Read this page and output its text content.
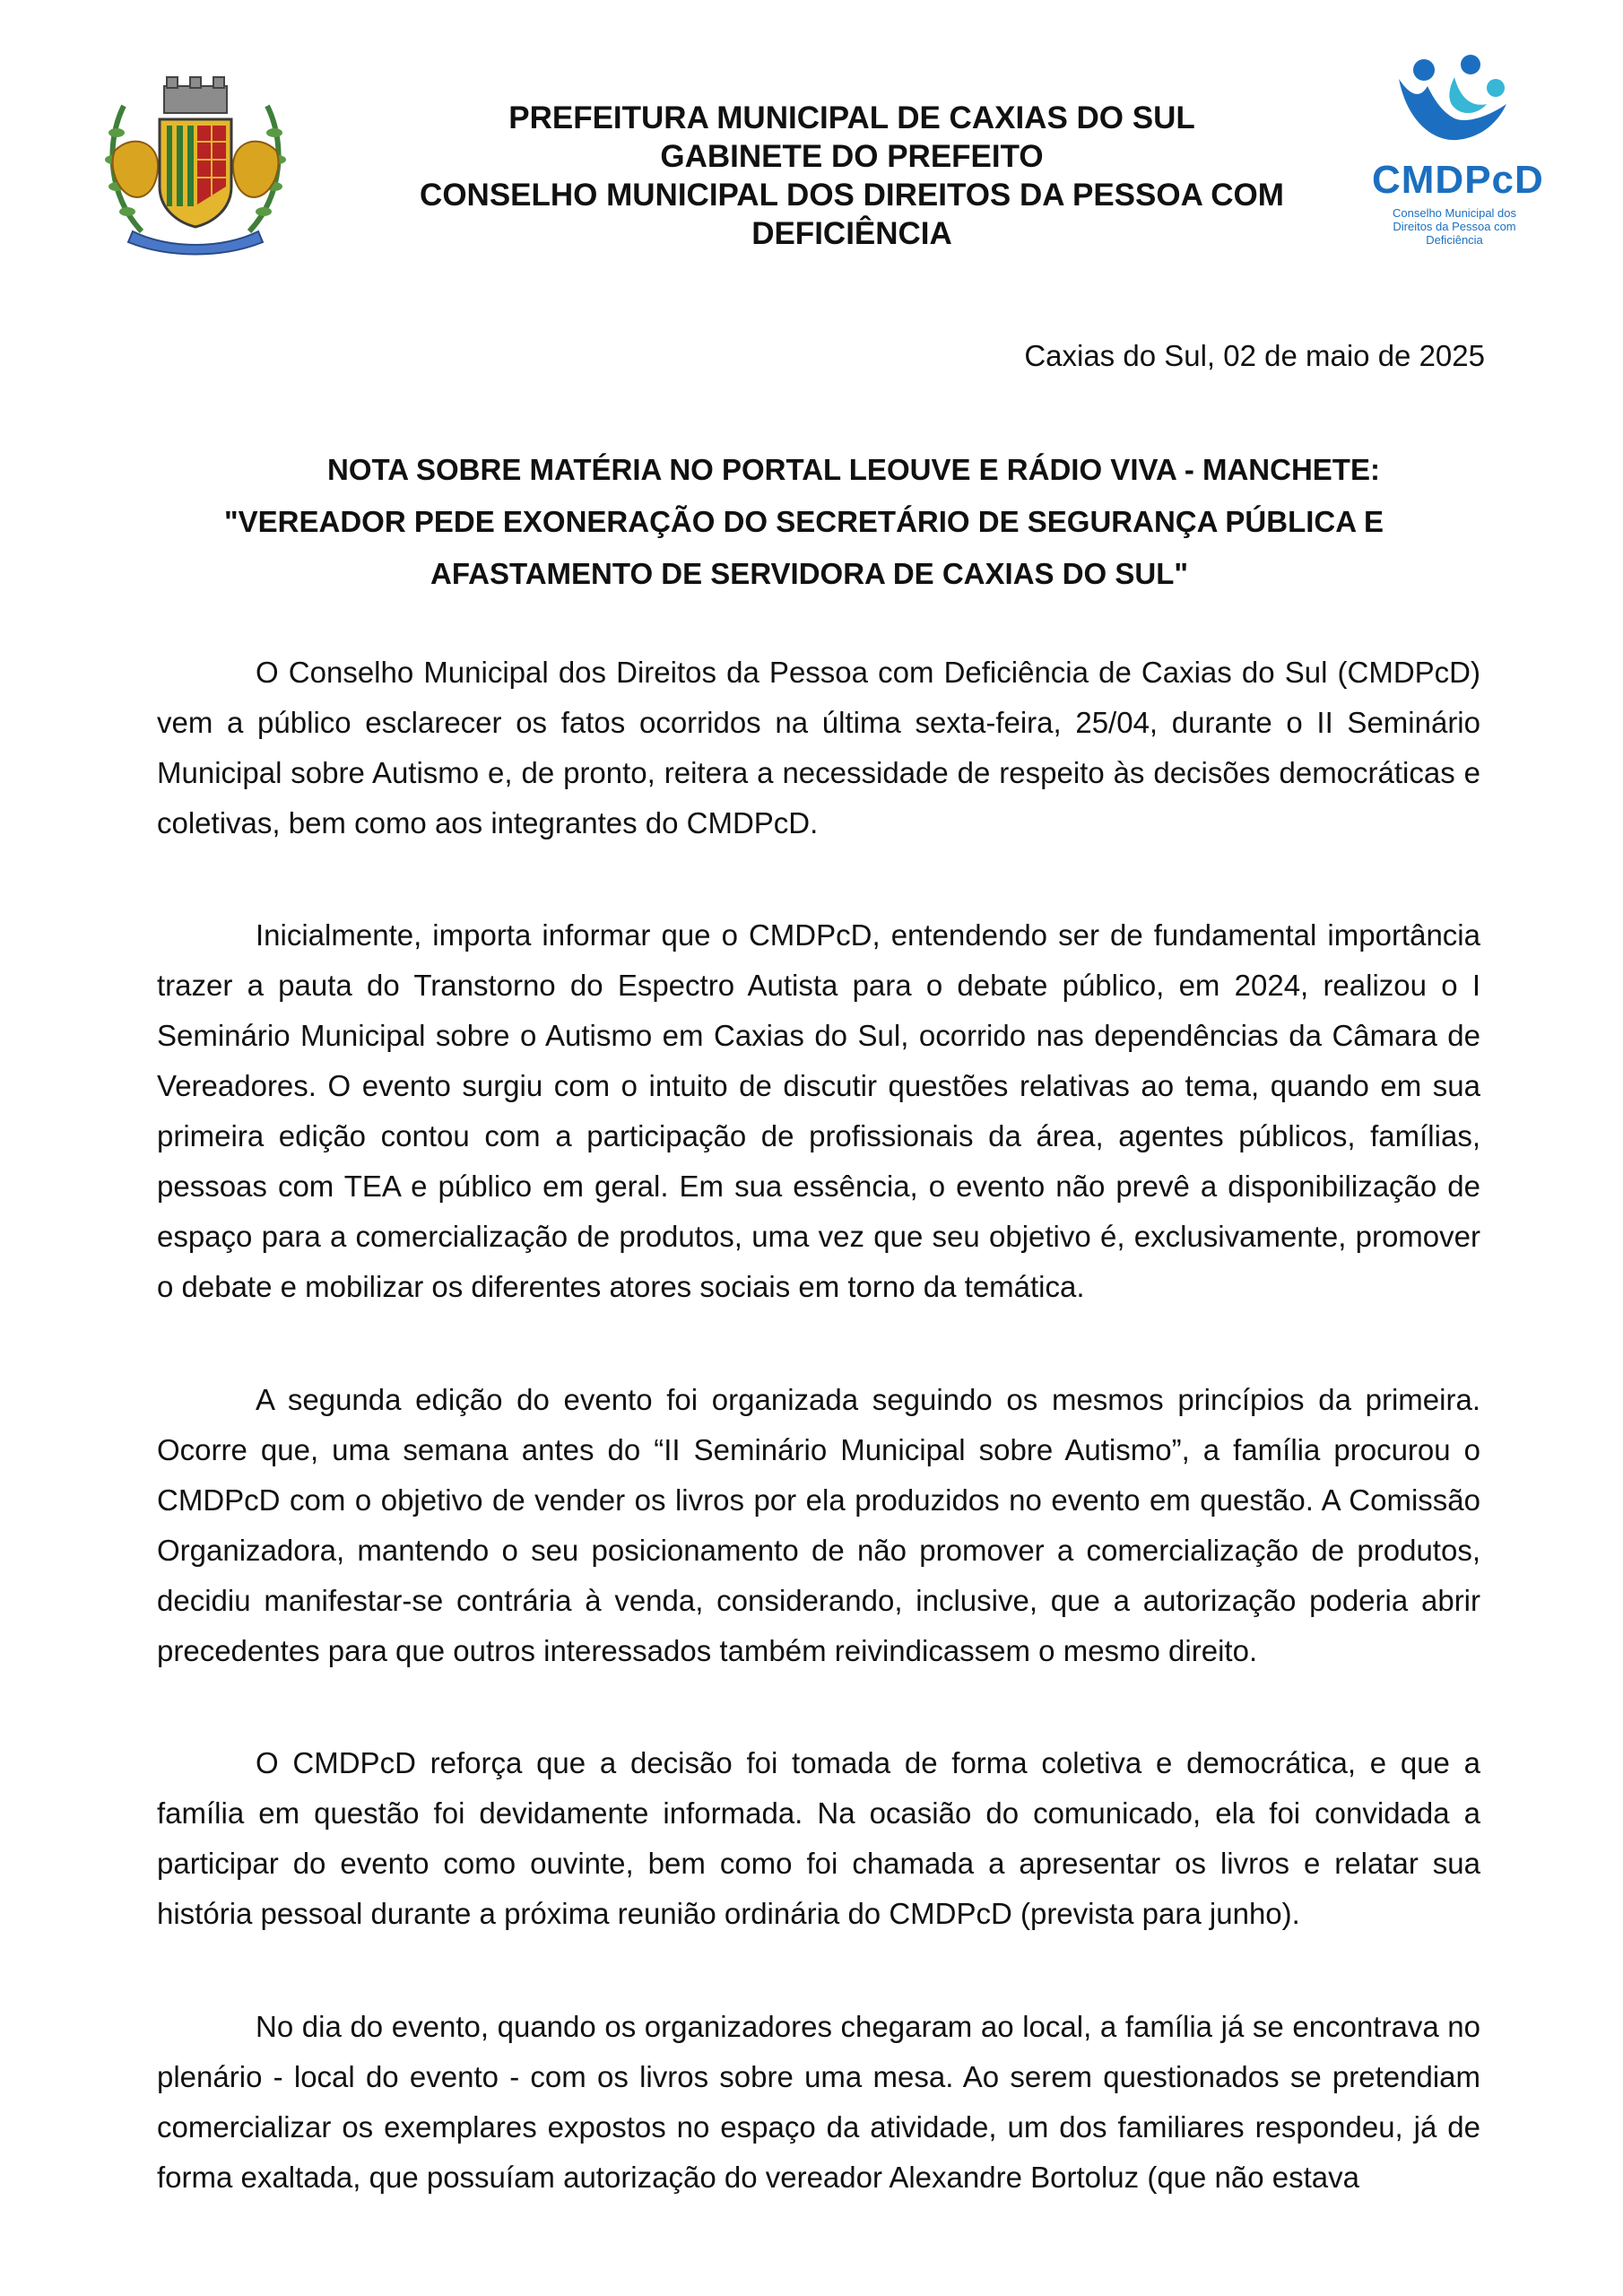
PREFEITURA MUNICIPAL DE CAXIAS DO SUL
GABINETE DO PREFEITO
CONSELHO MUNICIPAL DOS DIREITOS DA PESSOA COM
DEFICIÊNCIA
CMDPcD
Conselho Municipal dos Direitos da Pessoa com Deficiência
Caxias do Sul, 02 de maio de 2025
NOTA SOBRE MATÉRIA NO PORTAL LEOUVE E RÁDIO VIVA - MANCHETE:
"VEREADOR PEDE EXONERAÇÃO DO SECRETÁRIO DE SEGURANÇA PÚBLICA E
AFASTAMENTO DE SERVIDORA DE CAXIAS DO SUL"

O Conselho Municipal dos Direitos da Pessoa com Deficiência de Caxias do Sul (CMDPcD) vem a público esclarecer os fatos ocorridos na última sexta-feira, 25/04, durante o II Seminário Municipal sobre Autismo e, de pronto, reitera a necessidade de respeito às decisões democráticas e coletivas, bem como aos integrantes do CMDPcD.

Inicialmente, importa informar que o CMDPcD, entendendo ser de fundamental importância trazer a pauta do Transtorno do Espectro Autista para o debate público, em 2024, realizou o I Seminário Municipal sobre o Autismo em Caxias do Sul, ocorrido nas dependências da Câmara de Vereadores. O evento surgiu com o intuito de discutir questões relativas ao tema, quando em sua primeira edição contou com a participação de profissionais da área, agentes públicos, famílias, pessoas com TEA e público em geral. Em sua essência, o evento não prevê a disponibilização de espaço para a comercialização de produtos, uma vez que seu objetivo é, exclusivamente, promover o debate e mobilizar os diferentes atores sociais em torno da temática.

A segunda edição do evento foi organizada seguindo os mesmos princípios da primeira. Ocorre que, uma semana antes do “II Seminário Municipal sobre Autismo”, a família procurou o CMDPcD com o objetivo de vender os livros por ela produzidos no evento em questão. A Comissão Organizadora, mantendo o seu posicionamento de não promover a comercialização de produtos, decidiu manifestar-se contrária à venda, considerando, inclusive, que a autorização poderia abrir precedentes para que outros interessados também reivindicassem o mesmo direito.

O CMDPcD reforça que a decisão foi tomada de forma coletiva e democrática, e que a família em questão foi devidamente informada. Na ocasião do comunicado, ela foi convidada a participar do evento como ouvinte, bem como foi chamada a apresentar os livros e relatar sua história pessoal durante a próxima reunião ordinária do CMDPcD (prevista para junho).

No dia do evento, quando os organizadores chegaram ao local, a família já se encontrava no plenário - local do evento - com os livros sobre uma mesa. Ao serem questionados se pretendiam comercializar os exemplares expostos no espaço da atividade, um dos familiares respondeu, já de forma exaltada, que possuíam autorização do vereador Alexandre Bortoluz (que não estava
